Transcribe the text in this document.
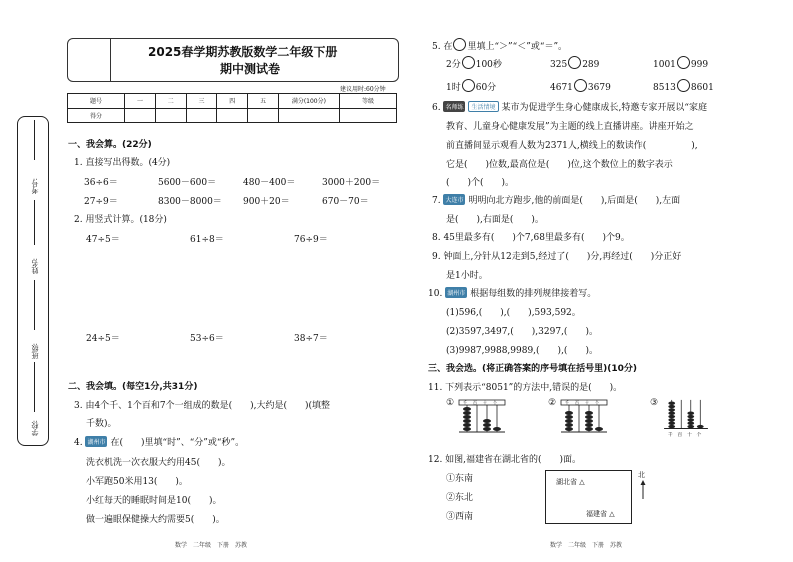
2025春学期苏教版数学二年级下册
期中测试卷
建议用时:60分钟
题号	一	二	三	四	五	满分(100分)	等级
得分							
考号:
姓名:
班级:
学校:
一、我会算。(22分)
1. 直接写出得数。(4分)
36÷6＝	5600－600＝	480－400＝	3000＋200＝
27÷9＝	8300－8000＝ 900＋20＝	670－70＝
2. 用竖式计算。(18分)
47÷5＝	61÷8＝	76÷9＝
24÷5＝	53÷6＝	38÷7＝
二、我会填。(每空1分,共31分)
3. 由4个千、1个百和7个一组成的数是(　　),大约是(　　)(填整
千数)。
4. 湖州市 在(　　)里填“时”、“分”或“秒”。
洗衣机洗一次衣服大约用45(　　)。
小军跑50米用13(　　)。
小红每天的睡眠时间是10(　　)。
做一遍眼保健操大约需要5(　　)。
数学　二年级　下册　苏教
5. 在 里填上“＞”“＜”或“＝”。
2分 100秒	325 289	1001 999
1时 60分	4671 3679	8513 8601
6. 名师练 生活情境 某市为促进学生身心健康成长,特邀专家开展以“家庭
教育、儿童身心健康发展”为主题的线上直播讲座。讲座开始之
前直播间显示观看人数为2371人,横线上的数读作(　　　　　),
它是(　　)位数,最高位是(　　)位,这个数位上的数字表示
(　　)个(　　)。
7. 大连市 明明向北方跑步,他的前面是(　　),后面是(　　),左面
是(　　),右面是(　　)。
8. 45里最多有(　　)个7,68里最多有(　　)个9。
9. 钟面上,分针从12走到5,经过了(　　)分,再经过(　　)分正好
是1小时。
10. 湖州市 根据每组数的排列规律接着写。
(1)596,(　　),(　　),593,592。
(2)3597,3497,(　　),3297,(　　)。
(3)9987,9988,9989,(　　),(　　)。
三、我会选。(将正确答案的序号填在括号里)(10分)
11. 下列表示“8051”的方法中,错误的是(　　)。
①	②	③
千 百 十 个	千 百 十 个
千 百 十 个
12. 如图,福建省在湖北省的(　　)面。
①东南
②东北
③西南
湖北省 △
福建省 △
北
数学　二年级　下册　苏教
